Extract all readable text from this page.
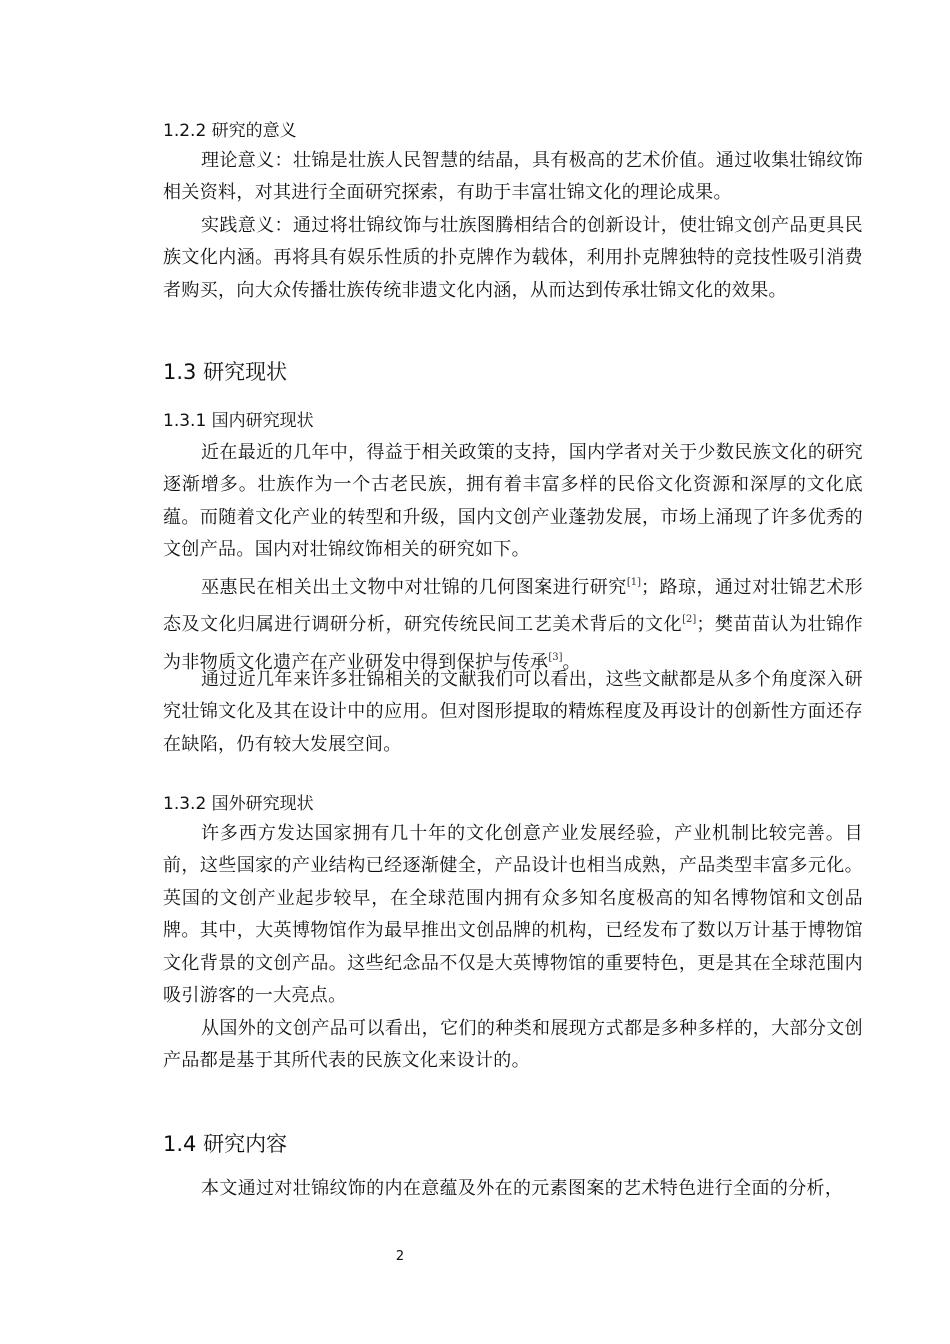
1.2.2 研究的意义

理论意义：壮锦是壮族人民智慧的结晶，具有极高的艺术价值。通过收集壮锦纹饰相关资料，对其进行全面研究探索，有助于丰富壮锦文化的理论成果。

实践意义：通过将壮锦纹饰与壮族图腾相结合的创新设计，使壮锦文创产品更具民族文化内涵。再将具有娱乐性质的扑克牌作为载体，利用扑克牌独特的竞技性吸引消费者购买，向大众传播壮族传统非遗文化内涵，从而达到传承壮锦文化的效果。

1.3 研究现状
1.3.1 国内研究现状

近在最近的几年中，得益于相关政策的支持，国内学者对关于少数民族文化的研究逐渐增多。壮族作为一个古老民族，拥有着丰富多样的民俗文化资源和深厚的文化底蕴。而随着文化产业的转型和升级，国内文创产业蓬勃发展，市场上涌现了许多优秀的文创产品。国内对壮锦纹饰相关的研究如下。

巫惠民在相关出土文物中对壮锦的几何图案进行研究[1]；路琼，通过对壮锦艺术形态及文化归属进行调研分析，研究传统民间工艺美术背后的文化[2]；樊苗苗认为壮锦作为非物质文化遗产在产业研发中得到保护与传承[3]。

通过近几年来许多壮锦相关的文献我们可以看出，这些文献都是从多个角度深入研究壮锦文化及其在设计中的应用。但对图形提取的精炼程度及再设计的创新性方面还存在缺陷，仍有较大发展空间。

1.3.2 国外研究现状

许多西方发达国家拥有几十年的文化创意产业发展经验，产业机制比较完善。目前，这些国家的产业结构已经逐渐健全，产品设计也相当成熟，产品类型丰富多元化。英国的文创产业起步较早，在全球范围内拥有众多知名度极高的知名博物馆和文创品牌。其中，大英博物馆作为最早推出文创品牌的机构，已经发布了数以万计基于博物馆文化背景的文创产品。这些纪念品不仅是大英博物馆的重要特色，更是其在全球范围内吸引游客的一大亮点。

从国外的文创产品可以看出，它们的种类和展现方式都是多种多样的，大部分文创产品都是基于其所代表的民族文化来设计的。

1.4 研究内容

本文通过对壮锦纹饰的内在意蕴及外在的元素图案的艺术特色进行全面的分析，

2
